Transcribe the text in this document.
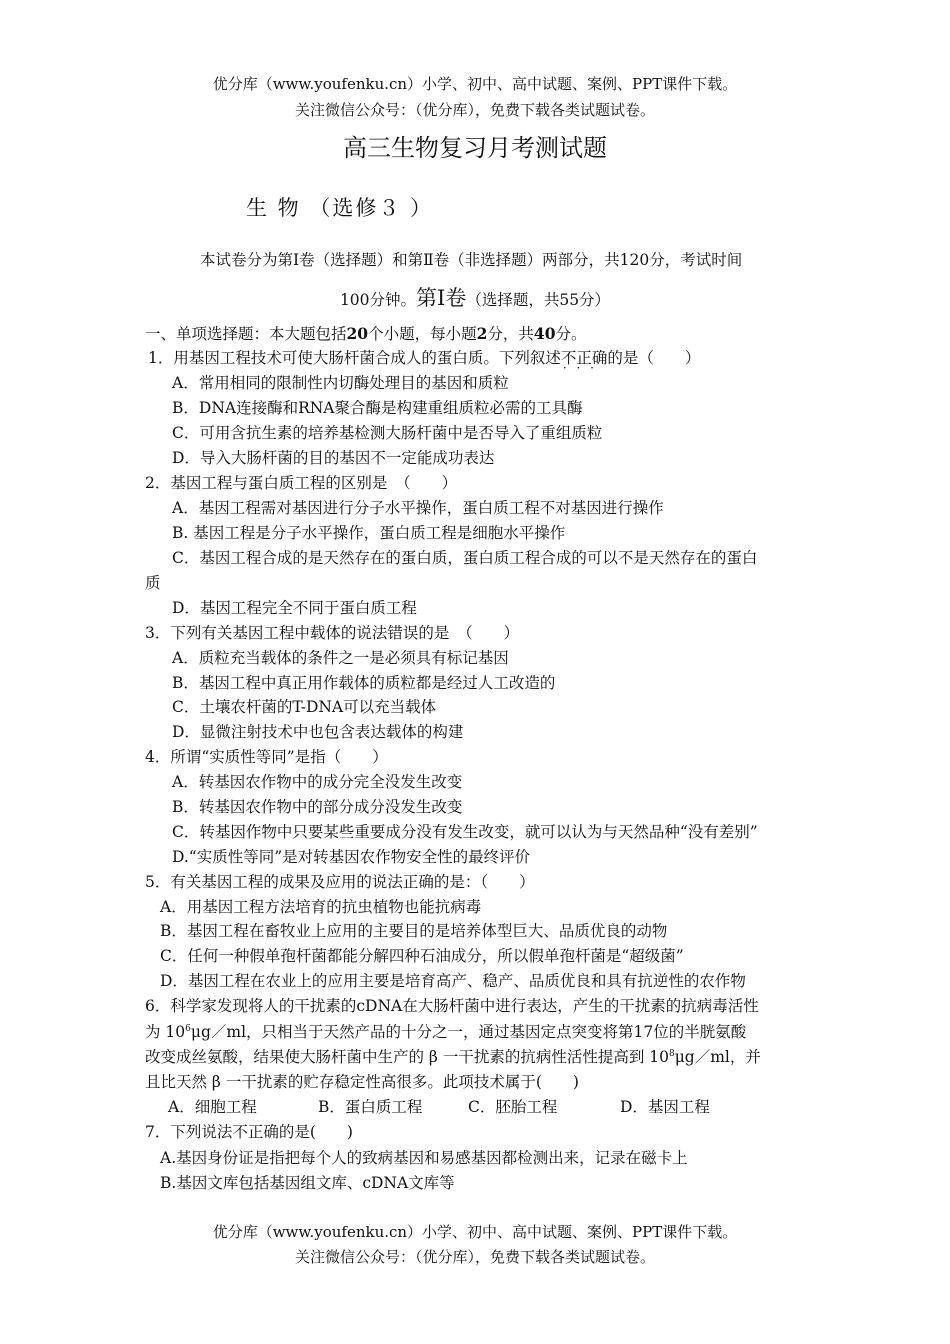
优分库（www.youfenku.cn）小学、初中、高中试题、案例、PPT课件下载。
关注微信公众号：（优分库），免费下载各类试题试卷。
高三生物复习月考测试题
生 物 （选修３ ）
本试卷分为第Ⅰ卷（选择题）和第Ⅱ卷（非选择题）两部分，共120分，考试时间
100分钟。第Ⅰ卷（选择题，共55分）
一、单项选择题：本大题包括20个小题，每小题2分，共40分。
1．用基因工程技术可使大肠杆菌合成人的蛋白质。下列叙述不正确 · · ·的是（　　）
A．常用相同的限制性内切酶处理目的基因和质粒
B．DNA连接酶和RNA聚合酶是构建重组质粒必需的工具酶
C．可用含抗生素的培养基检测大肠杆菌中是否导入了重组质粒
D．导入大肠杆菌的目的基因不一定能成功表达
2．基因工程与蛋白质工程的区别是　（　　）
A．基因工程需对基因进行分子水平操作，蛋白质工程不对基因进行操作
B. 基因工程是分子水平操作，蛋白质工程是细胞水平操作
C．基因工程合成的是天然存在的蛋白质，蛋白质工程合成的可以不是天然存在的蛋白
质
D．基因工程完全不同于蛋白质工程
3．下列有关基因工程中载体的说法错误的是　（　　）
A．质粒充当载体的条件之一是必须具有标记基因
B．基因工程中真正用作载体的质粒都是经过人工改造的
C．土壤农杆菌的T-DNA可以充当载体
D．显微注射技术中也包含表达载体的构建
4．所谓“实质性等同”是指（　　）
A．转基因农作物中的成分完全没发生改变
B．转基因农作物中的部分成分没发生改变
C．转基因作物中只要某些重要成分没有发生改变，就可以认为与天然品种“没有差别”
D.“实质性等同”是对转基因农作物安全性的最终评价
5．有关基因工程的成果及应用的说法正确的是：（　　）
A．用基因工程方法培育的抗虫植物也能抗病毒
B．基因工程在畜牧业上应用的主要目的是培养体型巨大、品质优良的动物
C．任何一种假单孢杆菌都能分解四种石油成分，所以假单孢杆菌是“超级菌”
D．基因工程在农业上的应用主要是培育高产、稳产、品质优良和具有抗逆性的农作物
6．科学家发现将人的干扰素的cDNA在大肠杆菌中进行表达，产生的干扰素的抗病毒活性
为 $10^6\mu g/ml$，只相当于天然产品的十分之一，通过基因定点突变将第17位的半胱氨酸
改变成丝氨酸，结果使大肠杆菌中生产的 β 一干扰素的抗病性活性提高到 $10^8\mu g/ml$，并
且比天然 β 一干扰素的贮存稳定性高很多。此项技术属于(　　)
A．细胞工程	B．蛋白质工程	C．胚胎工程	D．基因工程
7．下列说法不正确的是(　　)
A.基因身份证是指把每个人的致病基因和易感基因都检测出来，记录在磁卡上
B.基因文库包括基因组文库、cDNA文库等
优分库（www.youfenku.cn）小学、初中、高中试题、案例、PPT课件下载。
关注微信公众号：（优分库），免费下载各类试题试卷。
